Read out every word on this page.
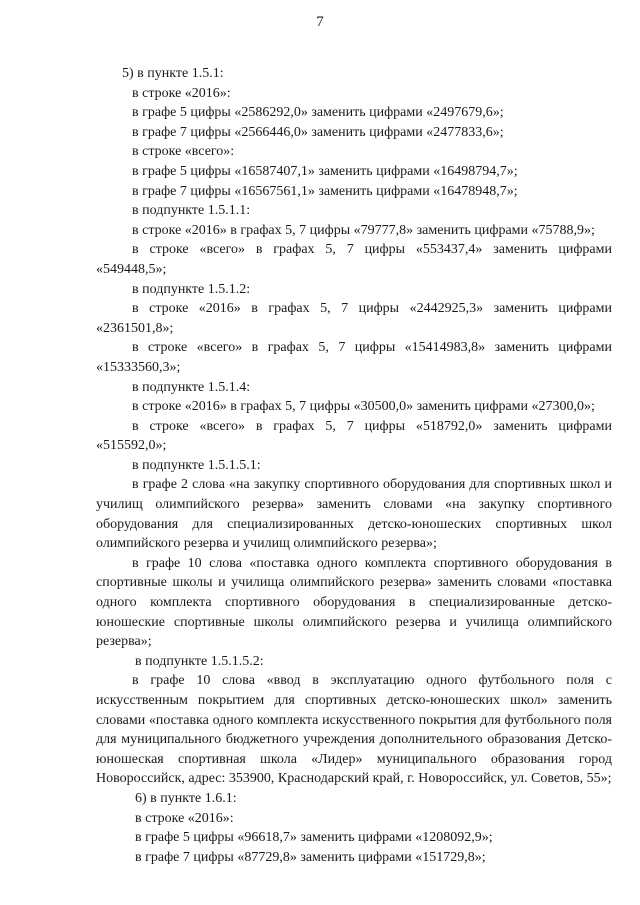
7

5) в пункте 1.5.1:

в строке «2016»:

в графе 5 цифры «2586292,0» заменить цифрами «2497679,6»;

в графе 7 цифры «2566446,0» заменить цифрами «2477833,6»;

в строке «всего»:

в графе 5 цифры «16587407,1» заменить цифрами «16498794,7»;

в графе 7 цифры «16567561,1» заменить цифрами «16478948,7»;

в подпункте 1.5.1.1:

в строке «2016» в графах 5, 7 цифры «79777,8» заменить цифрами «75788,9»;

в строке «всего» в графах 5, 7 цифры «553437,4» заменить цифрами «549448,5»;

в подпункте 1.5.1.2:

в строке «2016» в графах 5, 7 цифры «2442925,3» заменить цифрами «2361501,8»;

в строке «всего» в графах 5, 7 цифры «15414983,8» заменить цифрами «15333560,3»;

в подпункте 1.5.1.4:

в строке «2016» в графах 5, 7 цифры «30500,0» заменить цифрами «27300,0»;

в строке «всего» в графах 5, 7 цифры «518792,0» заменить цифрами «515592,0»;

в подпункте 1.5.1.5.1:

в графе 2 слова «на закупку спортивного оборудования для спортивных школ и училищ олимпийского резерва» заменить словами «на закупку спортивного оборудования для специализированных детско-юношеских спортивных школ олимпийского резерва и училищ олимпийского резерва»;

в графе 10 слова «поставка одного комплекта спортивного оборудования в спортивные школы и училища олимпийского резерва» заменить словами «поставка одного комплекта спортивного оборудования в специализированные детско-юношеские спортивные школы олимпийского резерва и училища олимпийского резерва»;

в подпункте 1.5.1.5.2:

в графе 10 слова «ввод в эксплуатацию одного футбольного поля с искусственным покрытием для спортивных детско-юношеских школ» заменить словами «поставка одного комплекта искусственного покрытия для футбольного поля для муниципального бюджетного учреждения дополнительного образования Детско-юношеская спортивная школа «Лидер» муниципального образования город Новороссийск, адрес: 353900, Краснодарский край, г. Новороссийск, ул. Советов, 55»;

6) в пункте 1.6.1:

в строке «2016»:

в графе 5 цифры «96618,7» заменить цифрами «1208092,9»;

в графе 7 цифры «87729,8» заменить цифрами «151729,8»;
